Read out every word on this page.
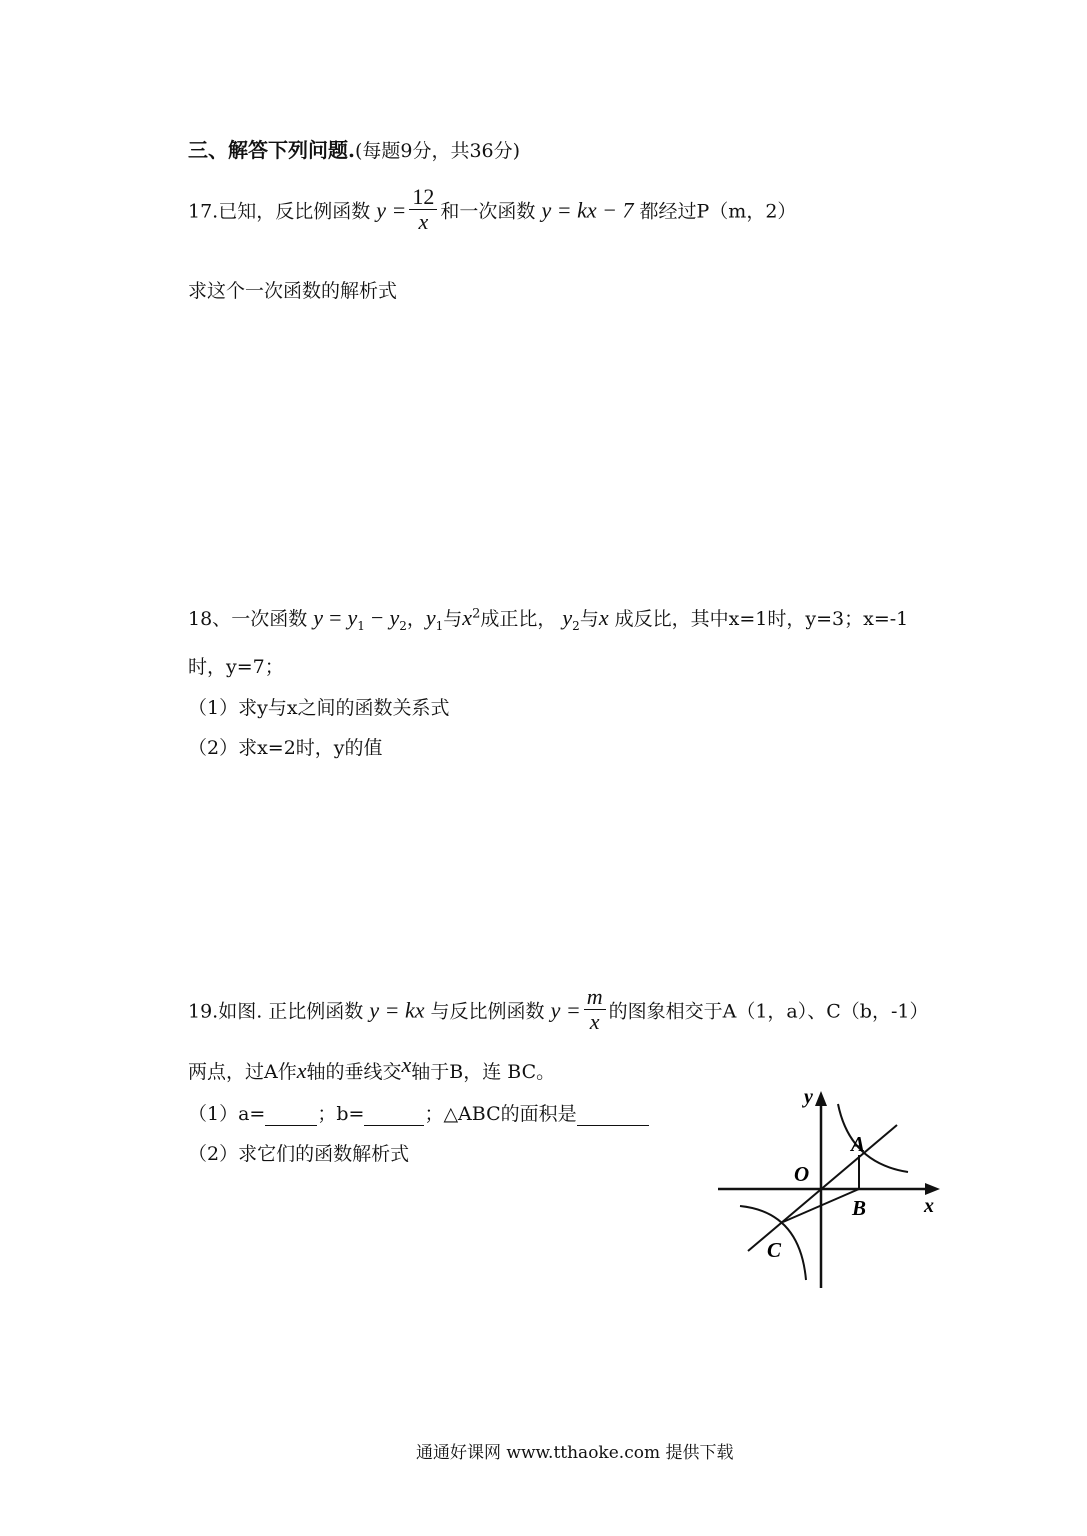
三、解答下列问题.(每题9分，共36分)
17.已知，反比例函数 $y = \frac{12}{x}$ 和一次函数 y = kx − 7 都经过P（m，2）
求这个一次函数的解析式
18、一次函数 $y = y_1 - y_2$，$y_1$与$x^2$成正比， $y_2$与x 成反比，其中x=1时，y=3；x=-1
时，y=7；
（1）求y与x之间的函数关系式
（2）求x=2时，y的值
19.如图. 正比例函数 y = kx 与反比例函数 $y = \frac{m}{x}$ 的图象相交于A（1，a）、C（b，-1）
两点，过A作x轴的垂线交x轴于B，连 BC。
（1）a=	；b=	；△ABC的面积是
（2）求它们的函数解析式
y
x
O
A
B
C
通通好课网 www.tthaoke.com 提供下载
